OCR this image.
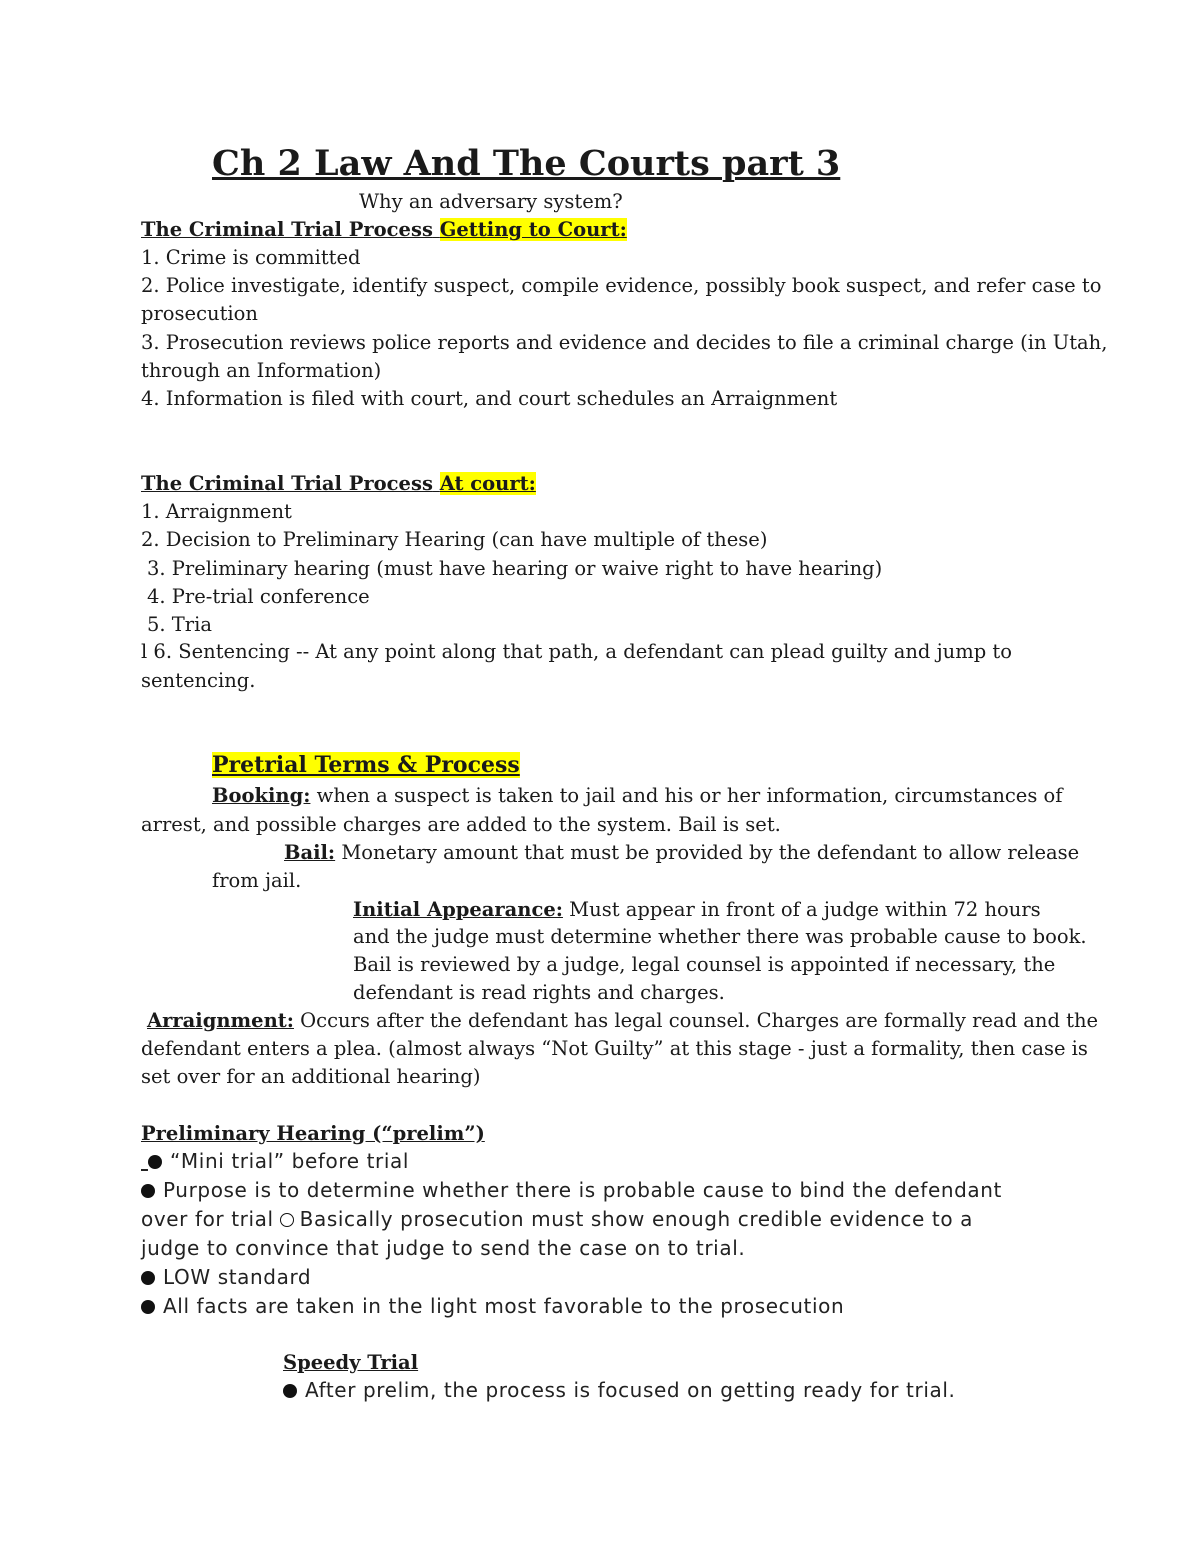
Ch 2 Law And The Courts part 3
Why an adversary system?
The Criminal Trial Process Getting to Court:
1. Crime is committed
2. Police investigate, identify suspect, compile evidence, possibly book suspect, and refer case to
prosecution
3. Prosecution reviews police reports and evidence and decides to file a criminal charge (in Utah,
through an Information)
4. Information is filed with court, and court schedules an Arraignment
The Criminal Trial Process At court:
1. Arraignment
2. Decision to Preliminary Hearing (can have multiple of these)
3. Preliminary hearing (must have hearing or waive right to have hearing)
4. Pre-trial conference
5. Tria
l 6. Sentencing -- At any point along that path, a defendant can plead guilty and jump to
sentencing.
Pretrial Terms & Process
Booking: when a suspect is taken to jail and his or her information, circumstances of
arrest, and possible charges are added to the system. Bail is set.
Bail: Monetary amount that must be provided by the defendant to allow release
from jail.
Initial Appearance: Must appear in front of a judge within 72 hours
and the judge must determine whether there was probable cause to book.
Bail is reviewed by a judge, legal counsel is appointed if necessary, the
defendant is read rights and charges.
Arraignment: Occurs after the defendant has legal counsel. Charges are formally read and the
defendant enters a plea. (almost always “Not Guilty” at this stage - just a formality, then case is
set over for an additional hearing)
Preliminary Hearing (“prelim”)
“Mini trial” before trial
Purpose is to determine whether there is probable cause to bind the defendant
over for trial Basically prosecution must show enough credible evidence to a
judge to convince that judge to send the case on to trial.
LOW standard
All facts are taken in the light most favorable to the prosecution
Speedy Trial
After prelim, the process is focused on getting ready for trial.
